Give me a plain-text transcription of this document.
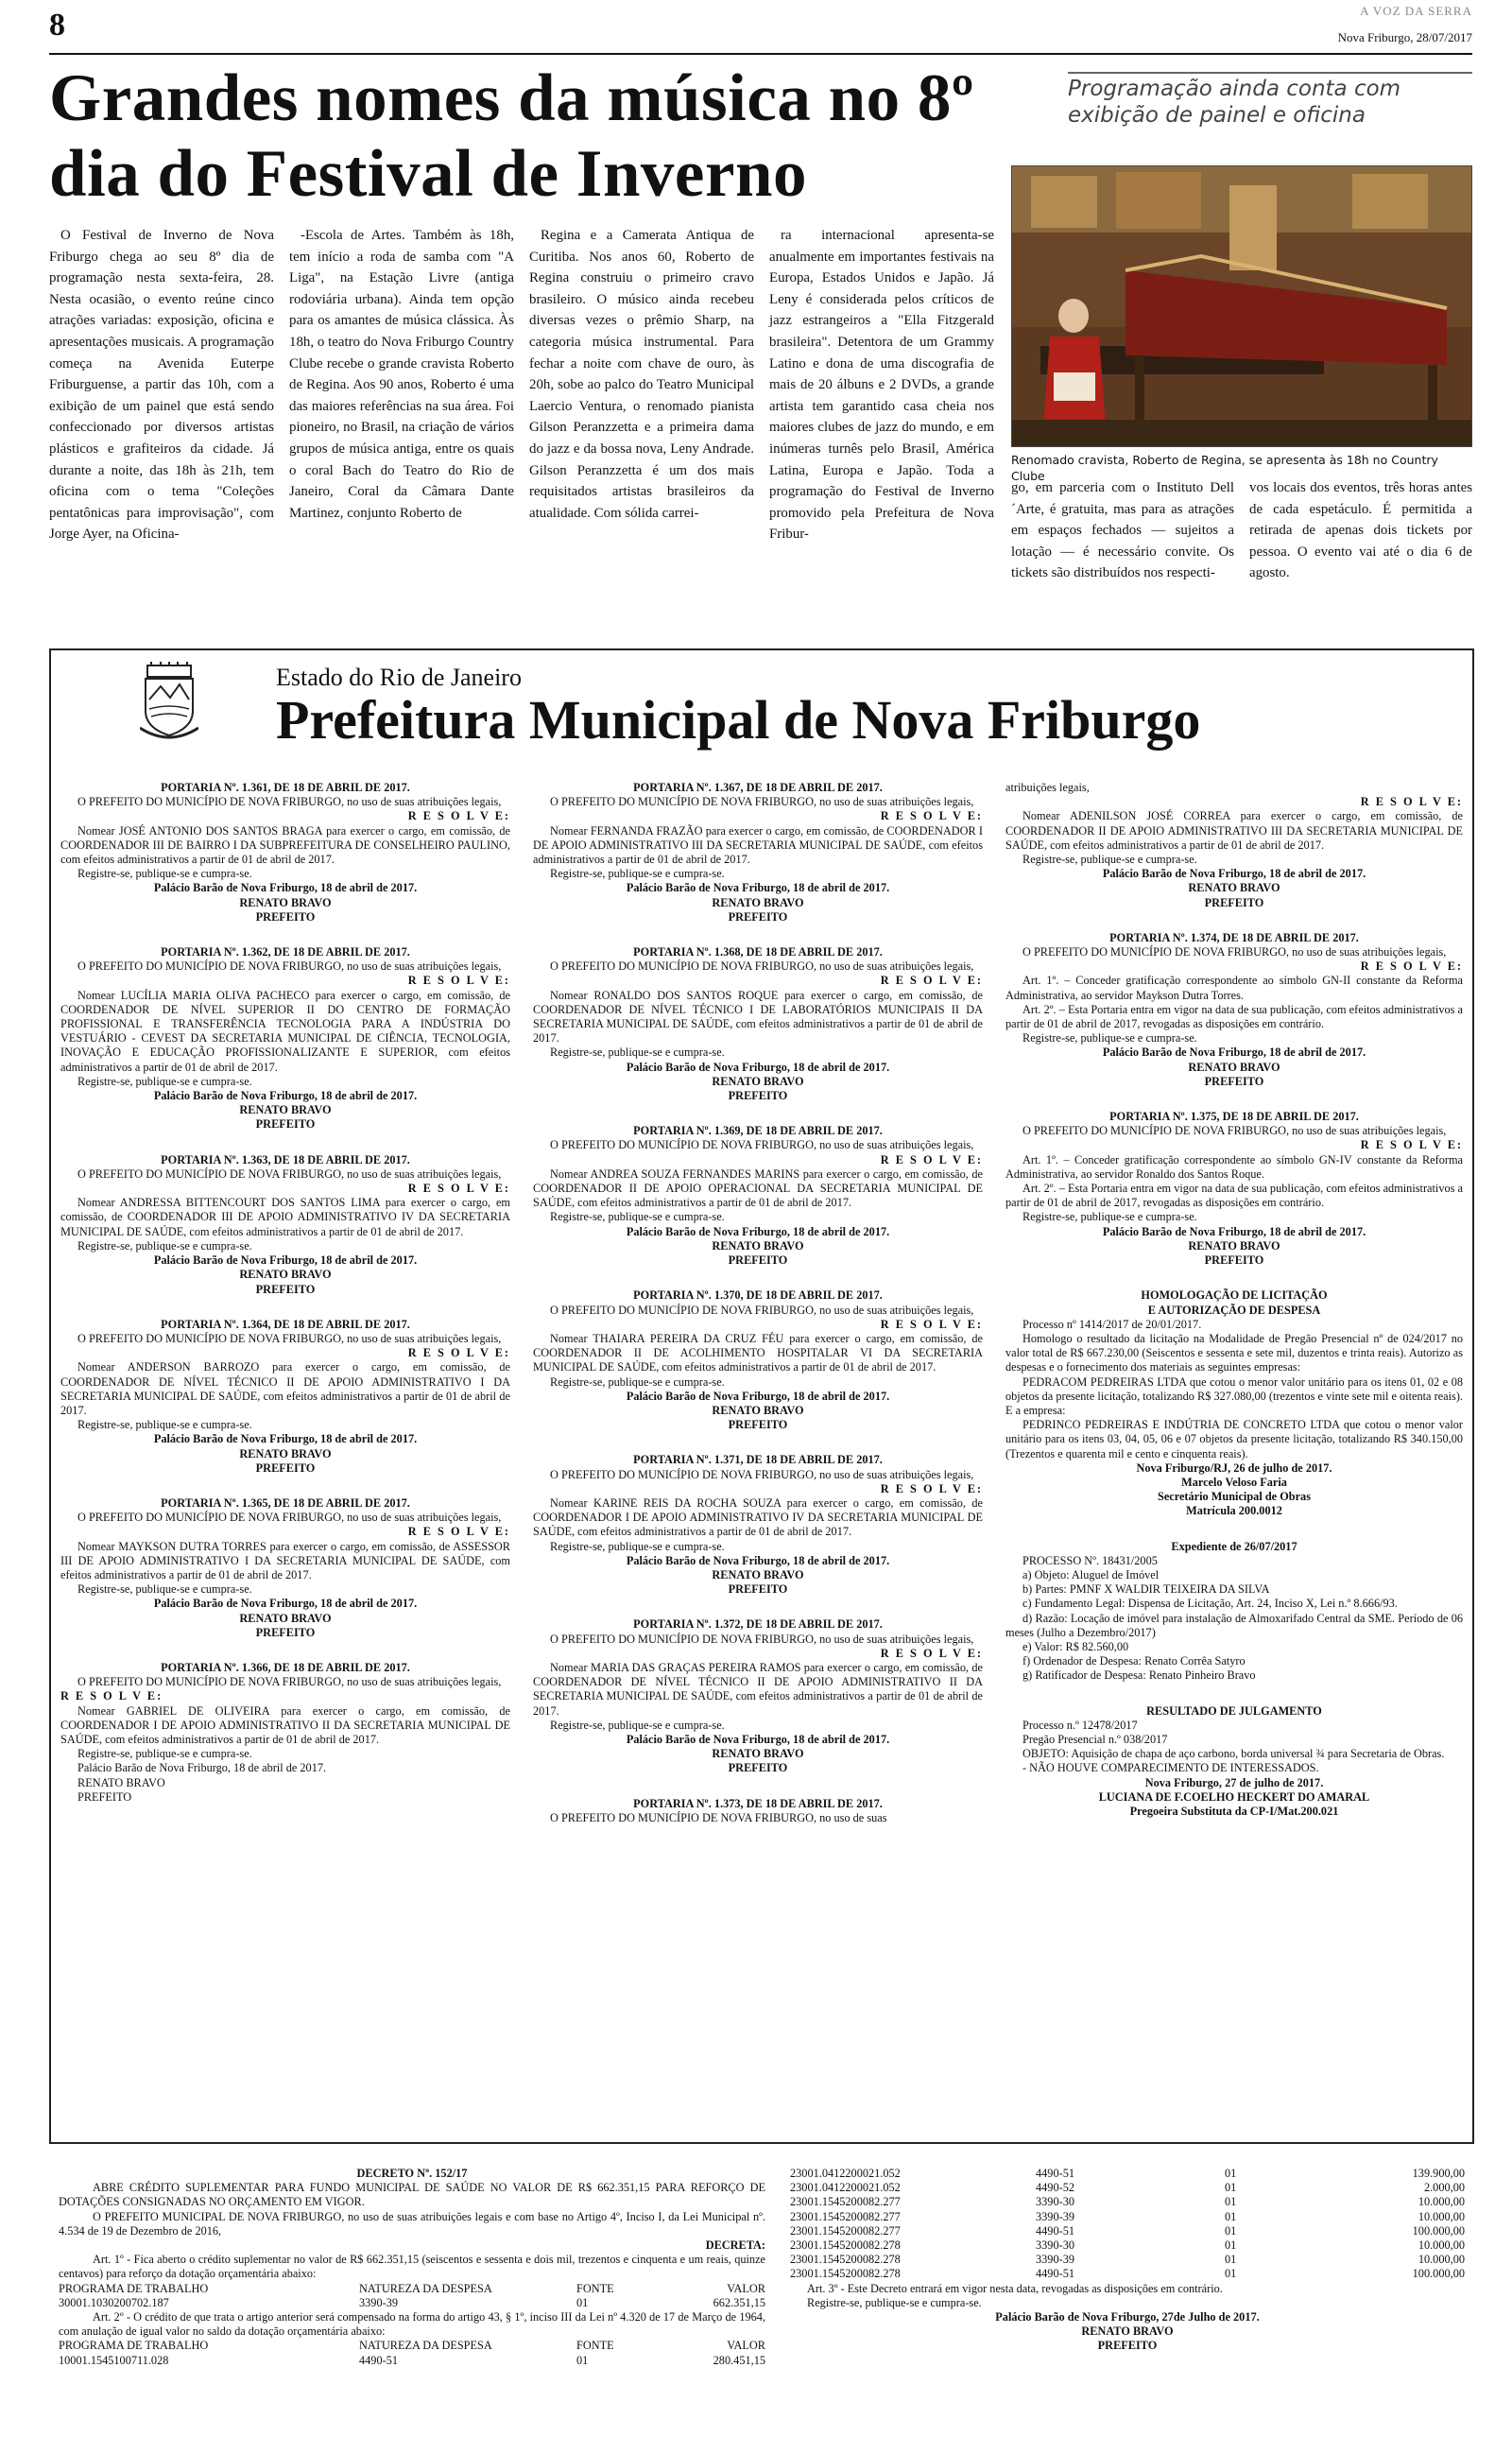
8	A VOZ DA SERRA
Nova Friburgo, 28/07/2017
Grandes nomes da música no 8º dia do Festival de Inverno

O Festival de Inverno de Nova Friburgo chega ao seu 8º dia de programação nesta sexta-feira, 28. Nesta ocasião, o evento reúne cinco atrações variadas: exposição, oficina e apresentações musicais. A programação começa na Avenida Euterpe Friburguense, a partir das 10h, com a exibição de um painel que está sendo confeccionado por diversos artistas plásticos e grafiteiros da cidade. Já durante a noite, das 18h às 21h, tem oficina com o tema "Coleções pentatônicas para improvisação", com Jorge Ayer, na Oficina-

-Escola de Artes. Também às 18h, tem início a roda de samba com "A Liga", na Estação Livre (antiga rodoviária urbana). Ainda tem opção para os amantes de música clássica. Às 18h, o teatro do Nova Friburgo Country Clube recebe o grande cravista Roberto de Regina. Aos 90 anos, Roberto é uma das maiores referências na sua área. Foi pioneiro, no Brasil, na criação de vários grupos de música antiga, entre os quais o coral Bach do Teatro do Rio de Janeiro, Coral da Câmara Dante Martinez, conjunto Roberto de

Regina e a Camerata Antiqua de Curitiba. Nos anos 60, Roberto de Regina construiu o primeiro cravo brasileiro. O músico ainda recebeu diversas vezes o prêmio Sharp, na categoria música instrumental. Para fechar a noite com chave de ouro, às 20h, sobe ao palco do Teatro Municipal Laercio Ventura, o renomado pianista Gilson Peranzzetta e a primeira dama do jazz e da bossa nova, Leny Andrade. Gilson Peranzzetta é um dos mais requisitados artistas brasileiros da atualidade. Com sólida carrei-

ra internacional apresenta-se anualmente em importantes festivais na Europa, Estados Unidos e Japão. Já Leny é considerada pelos críticos de jazz estrangeiros a "Ella Fitzgerald brasileira". Detentora de um Grammy Latino e dona de uma discografia de mais de 20 álbuns e 2 DVDs, a grande artista tem garantido casa cheia nos maiores clubes de jazz do mundo, e em inúmeras turnês pelo Brasil, América Latina, Europa e Japão. Toda a programação do Festival de Inverno promovido pela Prefeitura de Nova Fribur-

Programação ainda conta com exibição de painel e oficina
Renomado cravista, Roberto de Regina, se apresenta às 18h no Country Clube

go, em parceria com o Instituto Dell´Arte, é gratuita, mas para as atrações em espaços fechados — sujeitos a lotação — é necessário convite. Os tickets são distribuídos nos respecti-

vos locais dos eventos, três horas antes de cada espetáculo. É permitida a retirada de apenas dois tickets por pessoa. O evento vai até o dia 6 de agosto.

Estado do Rio de Janeiro
Prefeitura Municipal de Nova Friburgo
PORTARIA Nº. 1.361, DE 18 DE ABRIL DE 2017.

O PREFEITO DO MUNICÍPIO DE NOVA FRIBURGO, no uso de suas atribuições legais,

R E S O L V E:

Nomear JOSÉ ANTONIO DOS SANTOS BRAGA para exercer o cargo, em comissão, de COORDENADOR III DE BAIRRO I DA SUBPREFEITURA DE CONSELHEIRO PAULINO, com efeitos administrativos a partir de 01 de abril de 2017.

Registre-se, publique-se e cumpra-se.

Palácio Barão de Nova Friburgo, 18 de abril de 2017.

RENATO BRAVO

PREFEITO

PORTARIA Nº. 1.362, DE 18 DE ABRIL DE 2017.

O PREFEITO DO MUNICÍPIO DE NOVA FRIBURGO, no uso de suas atribuições legais,

R E S O L V E:

Nomear LUCÍLIA MARIA OLIVA PACHECO para exercer o cargo, em comissão, de COORDENADOR DE NÍVEL SUPERIOR II DO CENTRO DE FORMAÇÃO PROFISSIONAL E TRANSFERÊNCIA TECNOLOGIA PARA A INDÚSTRIA DO VESTUÁRIO - CEVEST DA SECRETARIA MUNICIPAL DE CIÊNCIA, TECNOLOGIA, INOVAÇÃO E EDUCAÇÃO PROFISSIONALIZANTE E SUPERIOR, com efeitos administrativos a partir de 01 de abril de 2017.

Registre-se, publique-se e cumpra-se.

Palácio Barão de Nova Friburgo, 18 de abril de 2017.

RENATO BRAVO

PREFEITO

PORTARIA Nº. 1.363, DE 18 DE ABRIL DE 2017.

O PREFEITO DO MUNICÍPIO DE NOVA FRIBURGO, no uso de suas atribuições legais,

R E S O L V E:

Nomear ANDRESSA BITTENCOURT DOS SANTOS LIMA para exercer o cargo, em comissão, de COORDENADOR III DE APOIO ADMINISTRATIVO IV DA SECRETARIA MUNICIPAL DE SAÚDE, com efeitos administrativos a partir de 01 de abril de 2017.

Registre-se, publique-se e cumpra-se.

Palácio Barão de Nova Friburgo, 18 de abril de 2017.

RENATO BRAVO

PREFEITO

PORTARIA Nº. 1.364, DE 18 DE ABRIL DE 2017.

O PREFEITO DO MUNICÍPIO DE NOVA FRIBURGO, no uso de suas atribuições legais,

R E S O L V E:

Nomear ANDERSON BARROZO para exercer o cargo, em comissão, de COORDENADOR DE NÍVEL TÉCNICO II DE APOIO ADMINISTRATIVO I DA SECRETARIA MUNICIPAL DE SAÚDE, com efeitos administrativos a partir de 01 de abril de 2017.

Registre-se, publique-se e cumpra-se.

Palácio Barão de Nova Friburgo, 18 de abril de 2017.

RENATO BRAVO

PREFEITO

PORTARIA Nº. 1.365, DE 18 DE ABRIL DE 2017.

O PREFEITO DO MUNICÍPIO DE NOVA FRIBURGO, no uso de suas atribuições legais,

R E S O L V E:

Nomear MAYKSON DUTRA TORRES para exercer o cargo, em comissão, de ASSESSOR III DE APOIO ADMINISTRATIVO I DA SECRETARIA MUNICIPAL DE SAÚDE, com efeitos administrativos a partir de 01 de abril de 2017.

Registre-se, publique-se e cumpra-se.

Palácio Barão de Nova Friburgo, 18 de abril de 2017.

RENATO BRAVO

PREFEITO

PORTARIA Nº. 1.366, DE 18 DE ABRIL DE 2017.

O PREFEITO DO MUNICÍPIO DE NOVA FRIBURGO, no uso de suas atribuições legais,

R E S O L V E:

Nomear GABRIEL DE OLIVEIRA para exercer o cargo, em comissão, de COORDENADOR I DE APOIO ADMINISTRATIVO II DA SECRETARIA MUNICIPAL DE SAÚDE, com efeitos administrativos a partir de 01 de abril de 2017.

Registre-se, publique-se e cumpra-se.

Palácio Barão de Nova Friburgo, 18 de abril de 2017.

RENATO BRAVO

PREFEITO

PORTARIA Nº. 1.367, DE 18 DE ABRIL DE 2017.

O PREFEITO DO MUNICÍPIO DE NOVA FRIBURGO, no uso de suas atribuições legais,

R E S O L V E:

Nomear FERNANDA FRAZÃO para exercer o cargo, em comissão, de COORDENADOR I DE APOIO ADMINISTRATIVO III DA SECRETARIA MUNICIPAL DE SAÚDE, com efeitos administrativos a partir de 01 de abril de 2017.

Registre-se, publique-se e cumpra-se.

Palácio Barão de Nova Friburgo, 18 de abril de 2017.

RENATO BRAVO

PREFEITO

PORTARIA Nº. 1.368, DE 18 DE ABRIL DE 2017.

O PREFEITO DO MUNICÍPIO DE NOVA FRIBURGO, no uso de suas atribuições legais,

R E S O L V E:

Nomear RONALDO DOS SANTOS ROQUE para exercer o cargo, em comissão, de COORDENADOR DE NÍVEL TÉCNICO I DE LABORATÓRIOS MUNICIPAIS II DA SECRETARIA MUNICIPAL DE SAÚDE, com efeitos administrativos a partir de 01 de abril de 2017.

Registre-se, publique-se e cumpra-se.

Palácio Barão de Nova Friburgo, 18 de abril de 2017.

RENATO BRAVO

PREFEITO

PORTARIA Nº. 1.369, DE 18 DE ABRIL DE 2017.

O PREFEITO DO MUNICÍPIO DE NOVA FRIBURGO, no uso de suas atribuições legais,

R E S O L V E:

Nomear ANDREA SOUZA FERNANDES MARINS para exercer o cargo, em comissão, de COORDENADOR II DE APOIO OPERACIONAL DA SECRETARIA MUNICIPAL DE SAÚDE, com efeitos administrativos a partir de 01 de abril de 2017.

Registre-se, publique-se e cumpra-se.

Palácio Barão de Nova Friburgo, 18 de abril de 2017.

RENATO BRAVO

PREFEITO

PORTARIA Nº. 1.370, DE 18 DE ABRIL DE 2017.

O PREFEITO DO MUNICÍPIO DE NOVA FRIBURGO, no uso de suas atribuições legais,

R E S O L V E:

Nomear THAIARA PEREIRA DA CRUZ FÉU para exercer o cargo, em comissão, de COORDENADOR II DE ACOLHIMENTO HOSPITALAR VI DA SECRETARIA MUNICIPAL DE SAÚDE, com efeitos administrativos a partir de 01 de abril de 2017.

Registre-se, publique-se e cumpra-se.

Palácio Barão de Nova Friburgo, 18 de abril de 2017.

RENATO BRAVO

PREFEITO

PORTARIA Nº. 1.371, DE 18 DE ABRIL DE 2017.

O PREFEITO DO MUNICÍPIO DE NOVA FRIBURGO, no uso de suas atribuições legais,

R E S O L V E:

Nomear KARINE REIS DA ROCHA SOUZA para exercer o cargo, em comissão, de COORDENADOR I DE APOIO ADMINISTRATIVO IV DA SECRETARIA MUNICIPAL DE SAÚDE, com efeitos administrativos a partir de 01 de abril de 2017.

Registre-se, publique-se e cumpra-se.

Palácio Barão de Nova Friburgo, 18 de abril de 2017.

RENATO BRAVO

PREFEITO

PORTARIA Nº. 1.372, DE 18 DE ABRIL DE 2017.

O PREFEITO DO MUNICÍPIO DE NOVA FRIBURGO, no uso de suas atribuições legais,

R E S O L V E:

Nomear MARIA DAS GRAÇAS PEREIRA RAMOS para exercer o cargo, em comissão, de COORDENADOR DE NÍVEL TÉCNICO II DE APOIO ADMINISTRATIVO II DA SECRETARIA MUNICIPAL DE SAÚDE, com efeitos administrativos a partir de 01 de abril de 2017.

Registre-se, publique-se e cumpra-se.

Palácio Barão de Nova Friburgo, 18 de abril de 2017.

RENATO BRAVO

PREFEITO

PORTARIA Nº. 1.373, DE 18 DE ABRIL DE 2017.

O PREFEITO DO MUNICÍPIO DE NOVA FRIBURGO, no uso de suas

atribuições legais,

R E S O L V E:

Nomear ADENILSON JOSÉ CORREA para exercer o cargo, em comissão, de COORDENADOR II DE APOIO ADMINISTRATIVO III DA SECRETARIA MUNICIPAL DE SAÚDE, com efeitos administrativos a partir de 01 de abril de 2017.

Registre-se, publique-se e cumpra-se.

Palácio Barão de Nova Friburgo, 18 de abril de 2017.

RENATO BRAVO

PREFEITO

PORTARIA Nº. 1.374, DE 18 DE ABRIL DE 2017.

O PREFEITO DO MUNICÍPIO DE NOVA FRIBURGO, no uso de suas atribuições legais,

R E S O L V E:

Art. 1º. – Conceder gratificação correspondente ao símbolo GN-II constante da Reforma Administrativa, ao servidor Maykson Dutra Torres.

Art. 2º. – Esta Portaria entra em vigor na data de sua publicação, com efeitos administrativos a partir de 01 de abril de 2017, revogadas as disposições em contrário.

Registre-se, publique-se e cumpra-se.

Palácio Barão de Nova Friburgo, 18 de abril de 2017.

RENATO BRAVO

PREFEITO

PORTARIA Nº. 1.375, DE 18 DE ABRIL DE 2017.

O PREFEITO DO MUNICÍPIO DE NOVA FRIBURGO, no uso de suas atribuições legais,

R E S O L V E:

Art. 1º. – Conceder gratificação correspondente ao símbolo GN-IV constante da Reforma Administrativa, ao servidor Ronaldo dos Santos Roque.

Art. 2º. – Esta Portaria entra em vigor na data de sua publicação, com efeitos administrativos a partir de 01 de abril de 2017, revogadas as disposições em contrário.

Registre-se, publique-se e cumpra-se.

Palácio Barão de Nova Friburgo, 18 de abril de 2017.

RENATO BRAVO

PREFEITO

HOMOLOGAÇÃO DE LICITAÇÃO
E AUTORIZAÇÃO DE DESPESA

Processo nº 1414/2017 de 20/01/2017.

Homologo o resultado da licitação na Modalidade de Pregão Presencial nº de 024/2017 no valor total de R$ 667.230,00 (Seiscentos e sessenta e sete mil, duzentos e trinta reais). Autorizo as despesas e o fornecimento dos materiais as seguintes empresas:

PEDRACOM PEDREIRAS LTDA que cotou o menor valor unitário para os itens 01, 02 e 08 objetos da presente licitação, totalizando R$ 327.080,00 (trezentos e vinte sete mil e oitenta reais). E a empresa:

PEDRINCO PEDREIRAS E INDÚTRIA DE CONCRETO LTDA que cotou o menor valor unitário para os itens 03, 04, 05, 06 e 07 objetos da presente licitação, totalizando R$ 340.150,00 (Trezentos e quarenta mil e cento e cinquenta reais).

Nova Friburgo/RJ, 26 de julho de 2017.

Marcelo Veloso Faria

Secretário Municipal de Obras

Matrícula 200.0012

Expediente de 26/07/2017

PROCESSO Nº. 18431/2005

a) Objeto: Aluguel de Imóvel

b) Partes: PMNF X WALDIR TEIXEIRA DA SILVA

c) Fundamento Legal: Dispensa de Licitação, Art. 24, Inciso X, Lei n.º 8.666/93.

d) Razão: Locação de imóvel para instalação de Almoxarifado Central da SME. Período de 06 meses (Julho a Dezembro/2017)

e) Valor: R$ 82.560,00

f) Ordenador de Despesa: Renato Corrêa Satyro

g) Ratificador de Despesa: Renato Pinheiro Bravo

RESULTADO DE JULGAMENTO

Processo n.º 12478/2017

Pregão Presencial n.º 038/2017

OBJETO: Aquisição de chapa de aço carbono, borda universal ¾ para Secretaria de Obras.

- NÃO HOUVE COMPARECIMENTO DE INTERESSADOS.

Nova Friburgo, 27 de julho de 2017.

LUCIANA DE F.COELHO HECKERT DO AMARAL

Pregoeira Substituta da CP-I/Mat.200.021

DECRETO Nº. 152/17

ABRE CRÉDITO SUPLEMENTAR PARA FUNDO MUNICIPAL DE SAÚDE NO VALOR DE R$ 662.351,15 PARA REFORÇO DE DOTAÇÕES CONSIGNADAS NO ORÇAMENTO EM VIGOR.

O PREFEITO MUNICIPAL DE NOVA FRIBURGO, no uso de suas atribuições legais e com base no Artigo 4º, Inciso I, da Lei Municipal nº. 4.534 de 19 de Dezembro de 2016,

DECRETA:

Art. 1º - Fica aberto o crédito suplementar no valor de R$ 662.351,15 (seiscentos e sessenta e dois mil, trezentos e cinquenta e um reais, quinze centavos) para reforço da dotação orçamentária abaixo:

PROGRAMA DE TRABALHO	NATUREZA DA DESPESA	FONTE	VALOR
30001.1030200702.187	3390-39	01	662.351,15

Art. 2º - O crédito de que trata o artigo anterior será compensado na forma do artigo 43, § 1º, inciso III da Lei nº 4.320 de 17 de Março de 1964, com anulação de igual valor no saldo da dotação orçamentária abaixo:

PROGRAMA DE TRABALHO	NATUREZA DA DESPESA	FONTE	VALOR
10001.1545100711.028	4490-51	01	280.451,15
23001.0412200021.052	4490-51	01	139.900,00
23001.0412200021.052	4490-52	01	2.000,00
23001.1545200082.277	3390-30	01	10.000,00
23001.1545200082.277	3390-39	01	10.000,00
23001.1545200082.277	4490-51	01	100.000,00
23001.1545200082.278	3390-30	01	10.000,00
23001.1545200082.278	3390-39	01	10.000,00
23001.1545200082.278	4490-51	01	100.000,00

Art. 3º - Este Decreto entrará em vigor nesta data, revogadas as disposições em contrário.

Registre-se, publique-se e cumpra-se.

Palácio Barão de Nova Friburgo, 27de Julho de 2017.

RENATO BRAVO

PREFEITO
